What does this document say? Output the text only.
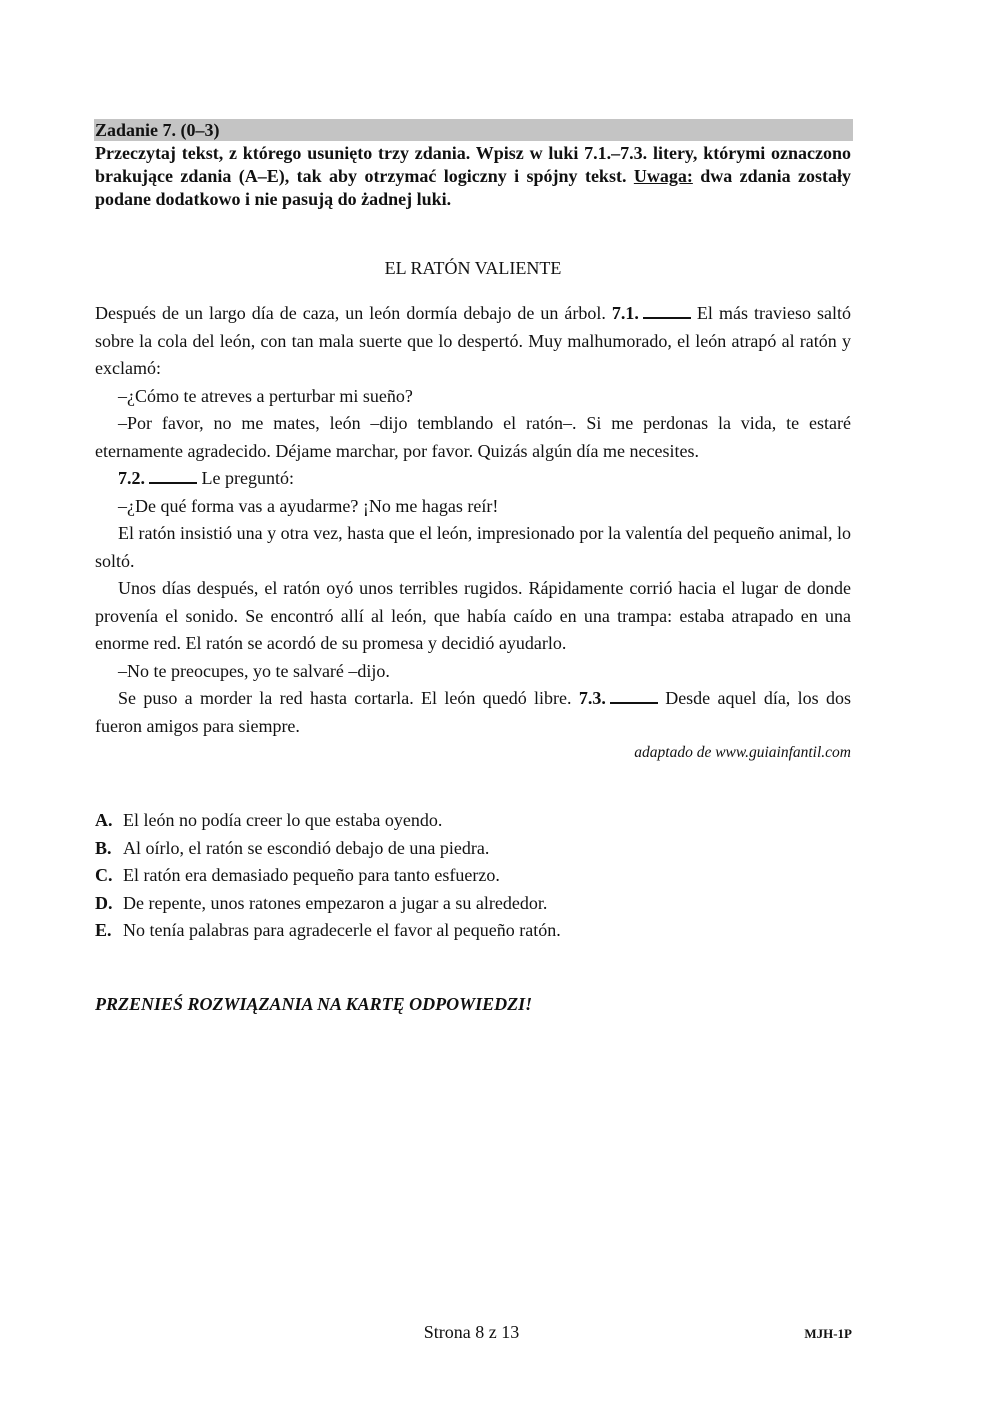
Zadanie 7. (0–3)
Przeczytaj tekst, z którego usunięto trzy zdania. Wpisz w luki 7.1.–7.3. litery, którymi oznaczono brakujące zdania (A–E), tak aby otrzymać logiczny i spójny tekst. Uwaga: dwa zdania zostały podane dodatkowo i nie pasują do żadnej luki.
EL RATÓN VALIENTE

Después de un largo día de caza, un león dormía debajo de un árbol. 7.1.	El más travieso saltó sobre la cola del león, con tan mala suerte que lo despertó. Muy malhumorado, el león atrapó al ratón y exclamó:

–¿Cómo te atreves a perturbar mi sueño?

–Por favor, no me mates, león –dijo temblando el ratón–. Si me perdonas la vida, te estaré eternamente agradecido. Déjame marchar, por favor. Quizás algún día me necesites.

7.2.	Le preguntó:

–¿De qué forma vas a ayudarme? ¡No me hagas reír!

El ratón insistió una y otra vez, hasta que el león, impresionado por la valentía del pequeño animal, lo soltó.

Unos días después, el ratón oyó unos terribles rugidos. Rápidamente corrió hacia el lugar de donde provenía el sonido. Se encontró allí al león, que había caído en una trampa: estaba atrapado en una enorme red. El ratón se acordó de su promesa y decidió ayudarlo.

–No te preocupes, yo te salvaré –dijo.

Se puso a morder la red hasta cortarla. El león quedó libre. 7.3.	Desde aquel día, los dos fueron amigos para siempre.

adaptado de www.guiainfantil.com
A. El león no podía creer lo que estaba oyendo.
B. Al oírlo, el ratón se escondió debajo de una piedra.
C. El ratón era demasiado pequeño para tanto esfuerzo.
D. De repente, unos ratones empezaron a jugar a su alrededor.
E. No tenía palabras para agradecerle el favor al pequeño ratón.
PRZENIEŚ ROZWIĄZANIA NA KARTĘ ODPOWIEDZI!
Strona 8 z 13	MJH-1P
